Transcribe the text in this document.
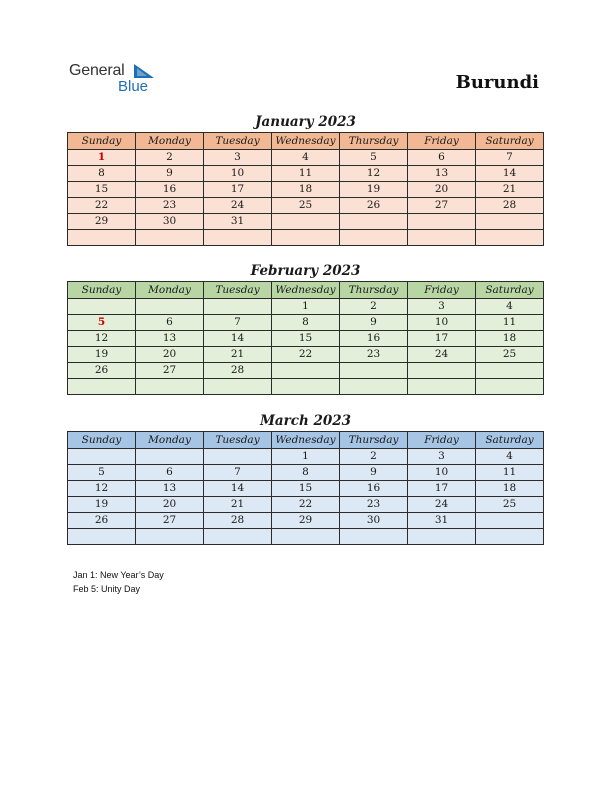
General
Blue	Burundi
January 2023
Sunday	Monday	Tuesday	Wednesday	Thursday	Friday	Saturday
1	2	3	4	5	6	7
8	9	10	11	12	13	14
15	16	17	18	19	20	21
22	23	24	25	26	27	28
29	30	31				

February 2023
Sunday	Monday	Tuesday	Wednesday	Thursday	Friday	Saturday
			1	2	3	4
5	6	7	8	9	10	11
12	13	14	15	16	17	18
19	20	21	22	23	24	25
26	27	28				

March 2023
Sunday	Monday	Tuesday	Wednesday	Thursday	Friday	Saturday
			1	2	3	4
5	6	7	8	9	10	11
12	13	14	15	16	17	18
19	20	21	22	23	24	25
26	27	28	29	30	31	

Jan 1: New Year’s Day
Feb 5: Unity Day
